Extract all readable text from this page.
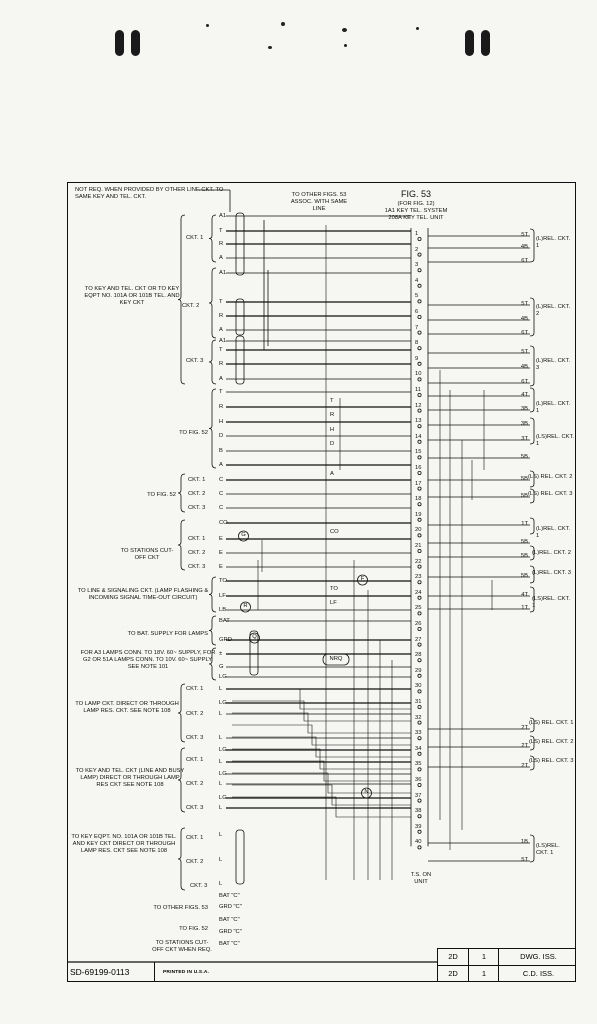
NOT REQ. WHEN PROVIDED BY OTHER LINE CKT. TO SAME KEY AND TEL. CKT.	TO OTHER FIGS. 53 ASSOC. WITH SAME LINE
FIG. 53
(FOR FIG. 12)
1A1 KEY TEL. SYSTEM
208A KEY TEL. UNIT
TO KEY AND TEL. CKT OR TO KEY EQPT NO. 101A OR 101B TEL. AND KEY CKT
TO FIG. 52
TO FIG. 52
TO STATIONS CUT-OFF CKT
TO LINE & SIGNALING CKT. (LAMP FLASHING & INCOMING SIGNAL TIME-OUT CIRCUIT)
TO BAT. SUPPLY FOR LAMPS
FOR A3 LAMPS CONN. TO 18V. 60~ SUPPLY, FOR G2 OR 51A LAMPS CONN. TO 10V. 60~ SUPPLY. SEE NOTE 101
TO LAMP CKT. DIRECT OR THROUGH LAMP RES. CKT. SEE NOTE 108
TO KEY AND TEL. CKT (LINE AND BUSY LAMP) DIRECT OR THROUGH LAMP RES CKT SEE NOTE 108
TO KEY EQPT. NO. 101A OR 101B TEL. AND KEY CKT DIRECT OR THROUGH LAMP RES. CKT SEE NOTE 108
TO OTHER FIGS. 53
TO FIG. 52
TO STATIONS CUT-OFF CKT WHEN REQ.
CKT. 1
CKT. 2
CKT. 3
CKT. 1
CKT. 2
CKT. 3
CKT. 1
CKT. 2
CKT. 3
CKT. 1
CKT. 2
CKT. 3
CKT. 1
CKT. 2
CKT. 3
CKT. 1
CKT. 2
CKT. 3
A1
T
R
A
A1
T
R
A
A1
T
R
A
T
R
H
D
B
A
C
C
C
CO
E
E
E
TO
LF
LB
BAT
GRD
±
G
LG
L
LG
L
L
LG
L
LG
L
LG
L
L
L
L
BAT "C"
GRD "C"
BAT "C"
GRD "C"
BAT "C"
T
R
H
D
A
CO
TO
LF
G
R
Q
F
N
NRQ
1
2
3
4
5
6
7
8
9
10
11
12
13
14
15
16
17
18
19
20
21
22
23
24
25
26
27
28
29
30
31
32
33
34
35
36
37
38
39
40
T.S. ON UNIT
5T
4B
6T
5T
4B
6T
5T
4B
6T
4T
3B
3B
3T
5B
5B
5B
1T
5B
5B
5B
4T
1T
2T
2T
2T
1B
5T
(L)REL. CKT. 1
(L)REL. CKT. 2
(L)REL. CKT. 3
(L)REL. CKT. 1
(LS)REL. CKT. 1
(LS) REL. CKT. 2
(LS) REL. CKT. 3
(L)REL. CKT. 1
(L)REL. CKT. 2
(L)REL. CKT. 3
(LS)REL. CKT. 1
(LS) REL. CKT. 1
(LS) REL. CKT. 2
(LS) REL. CKT. 3
(LS)REL. CKT. 1
SD-69199-0113	PRINTED IN U.S.A.
2D	1	DWG. ISS.
2D	1	C.D. ISS.
